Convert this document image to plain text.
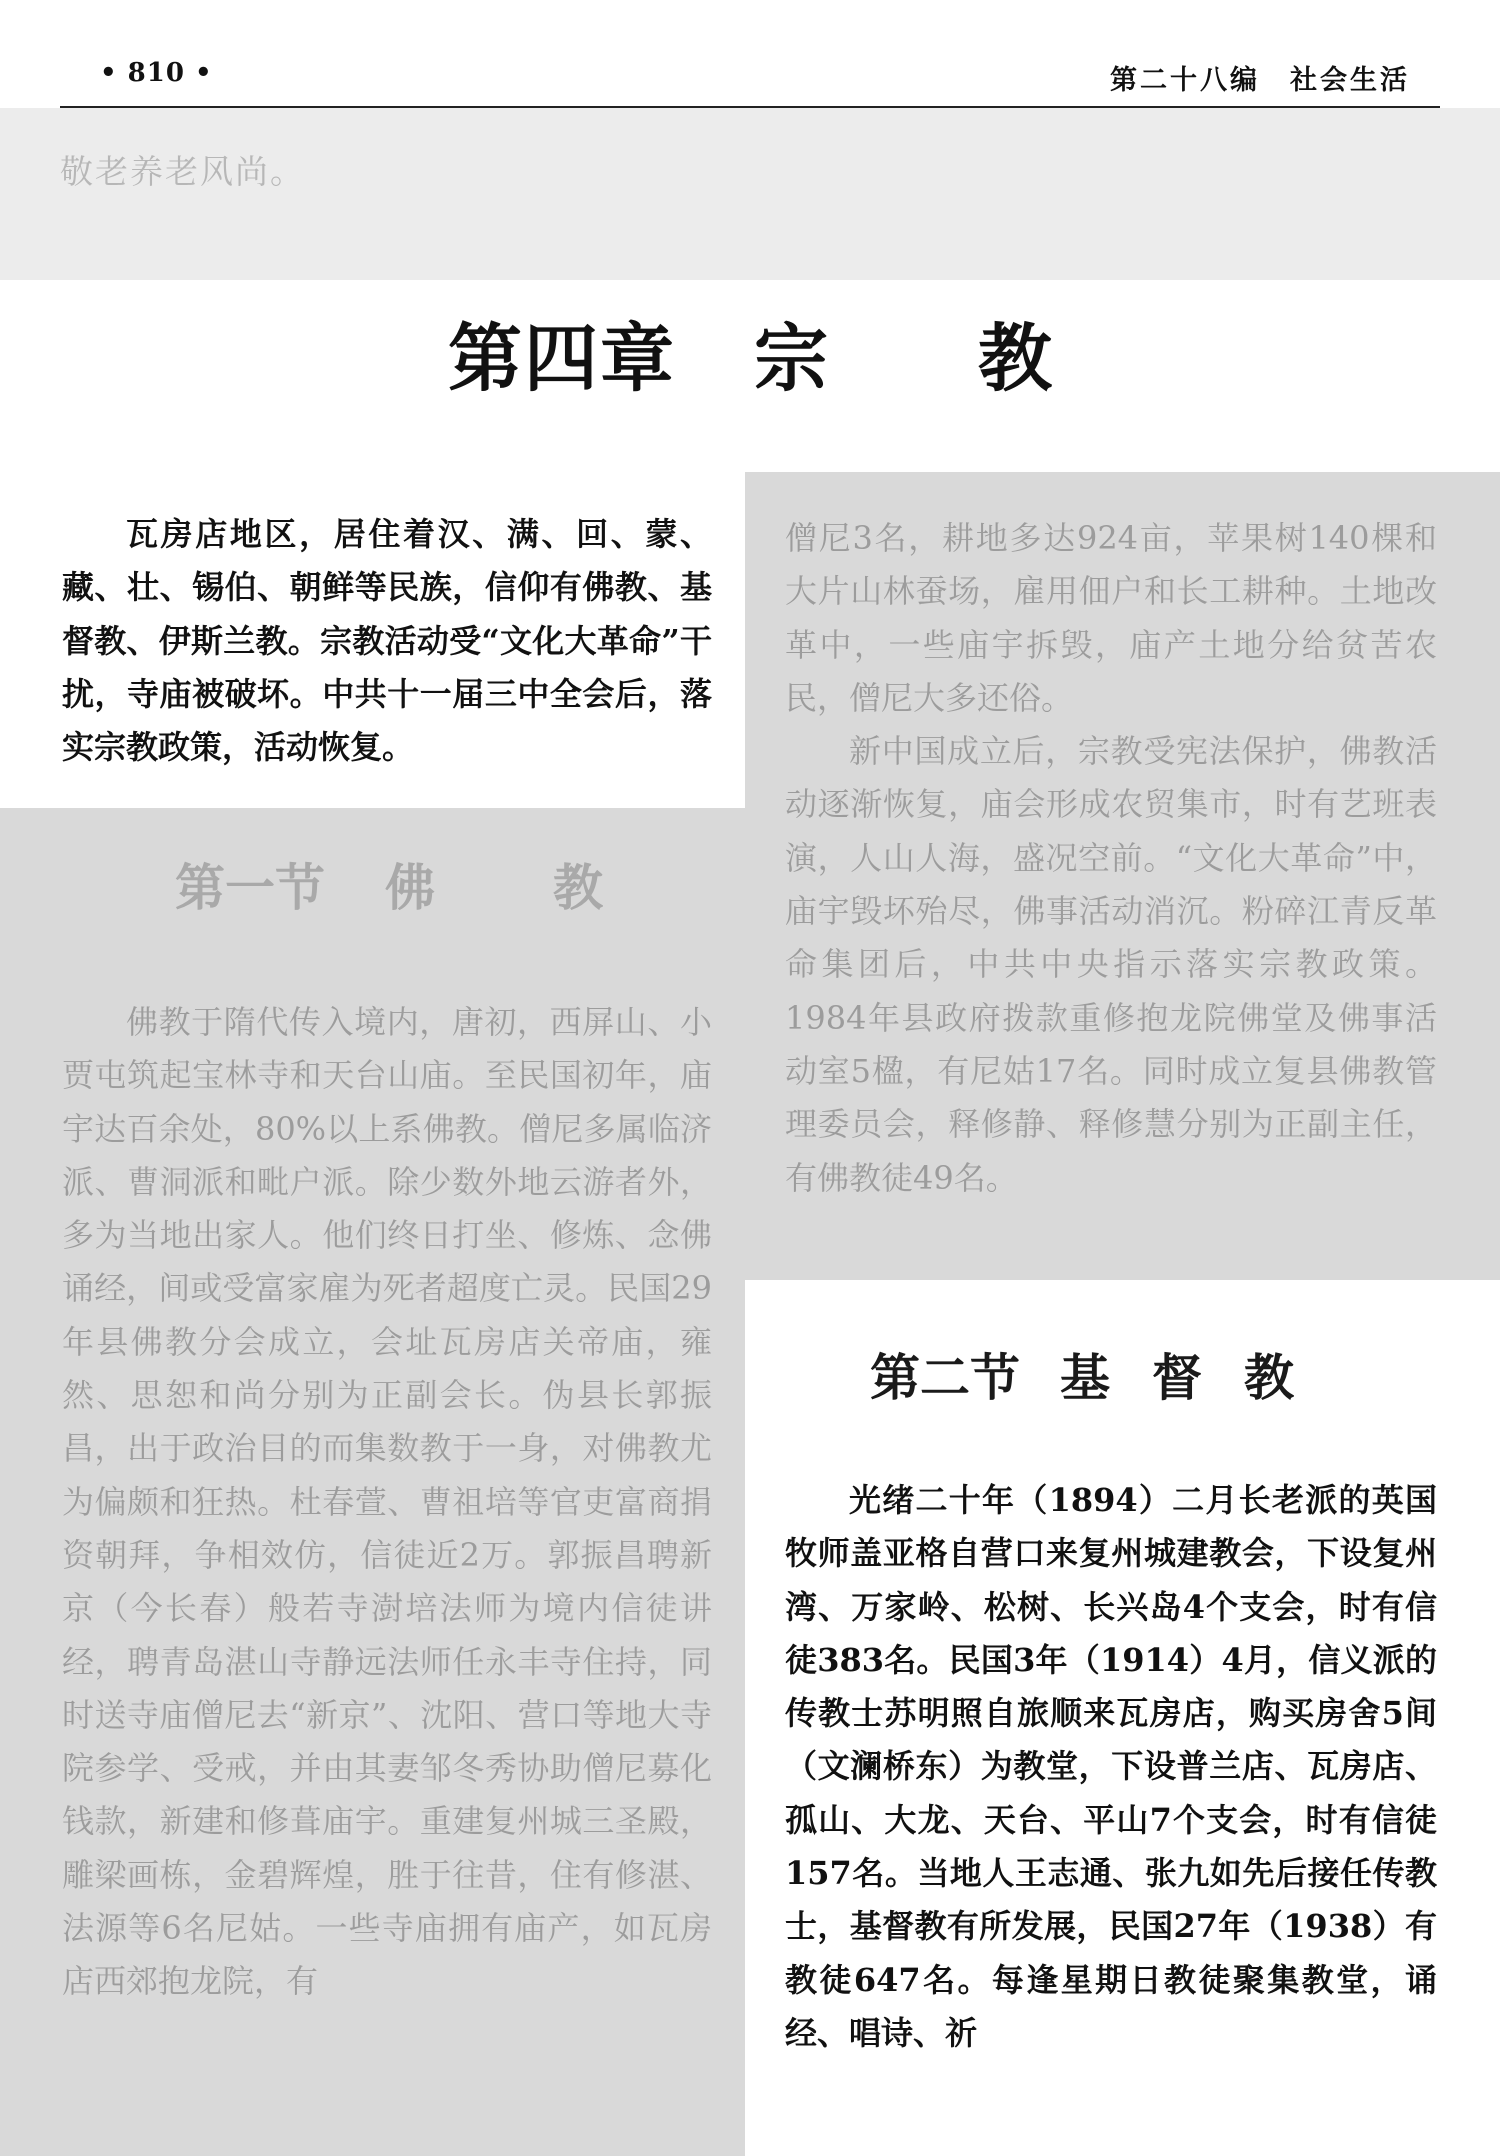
• 810 •	第二十八编　社会生活
敬老养老风尚。
第四章 宗 教

瓦房店地区，居住着汉、满、回、蒙、藏、壮、锡伯、朝鲜等民族，信仰有佛教、基督教、伊斯兰教。宗教活动受“文化大革命”干扰，寺庙被破坏。中共十一届三中全会后，落实宗教政策，活动恢复。

第一节 佛 教

佛教于隋代传入境内，唐初，西屏山、小贾屯筑起宝林寺和天台山庙。至民国初年，庙宇达百余处，80%以上系佛教。僧尼多属临济派、曹洞派和毗户派。除少数外地云游者外，多为当地出家人。他们终日打坐、修炼、念佛诵经，间或受富家雇为死者超度亡灵。民国29年县佛教分会成立，会址瓦房店关帝庙，雍然、思恕和尚分别为正副会长。伪县长郭振昌，出于政治目的而集数教于一身，对佛教尤为偏颇和狂热。杜春萱、曹祖培等官吏富商捐资朝拜，争相效仿，信徒近2万。郭振昌聘新京（今长春）般若寺澍培法师为境内信徒讲经，聘青岛湛山寺静远法师任永丰寺住持，同时送寺庙僧尼去“新京”、沈阳、营口等地大寺院参学、受戒，并由其妻邹冬秀协助僧尼募化钱款，新建和修葺庙宇。重建复州城三圣殿，雕梁画栋，金碧辉煌，胜于往昔，住有修湛、法源等6名尼姑。一些寺庙拥有庙产，如瓦房店西郊抱龙院，有

僧尼3名，耕地多达924亩，苹果树140棵和大片山林蚕场，雇用佃户和长工耕种。土地改革中，一些庙宇拆毁，庙产土地分给贫苦农民，僧尼大多还俗。

新中国成立后，宗教受宪法保护，佛教活动逐渐恢复，庙会形成农贸集市，时有艺班表演，人山人海，盛况空前。“文化大革命”中，庙宇毁坏殆尽，佛事活动消沉。粉碎江青反革命集团后，中共中央指示落实宗教政策。1984年县政府拨款重修抱龙院佛堂及佛事活动室5楹，有尼姑17名。同时成立复县佛教管理委员会，释修静、释修慧分别为正副主任，有佛教徒49名。

第二节 基 督 教

光绪二十年（1894）二月长老派的英国牧师盖亚格自营口来复州城建教会，下设复州湾、万家岭、松树、长兴岛4个支会，时有信徒383名。民国3年（1914）4月，信义派的传教士苏明照自旅顺来瓦房店，购买房舍5间（文澜桥东）为教堂，下设普兰店、瓦房店、孤山、大龙、天台、平山7个支会，时有信徒157名。当地人王志通、张九如先后接任传教士，基督教有所发展，民国27年（1938）有教徒647名。每逢星期日教徒聚集教堂，诵经、唱诗、祈
